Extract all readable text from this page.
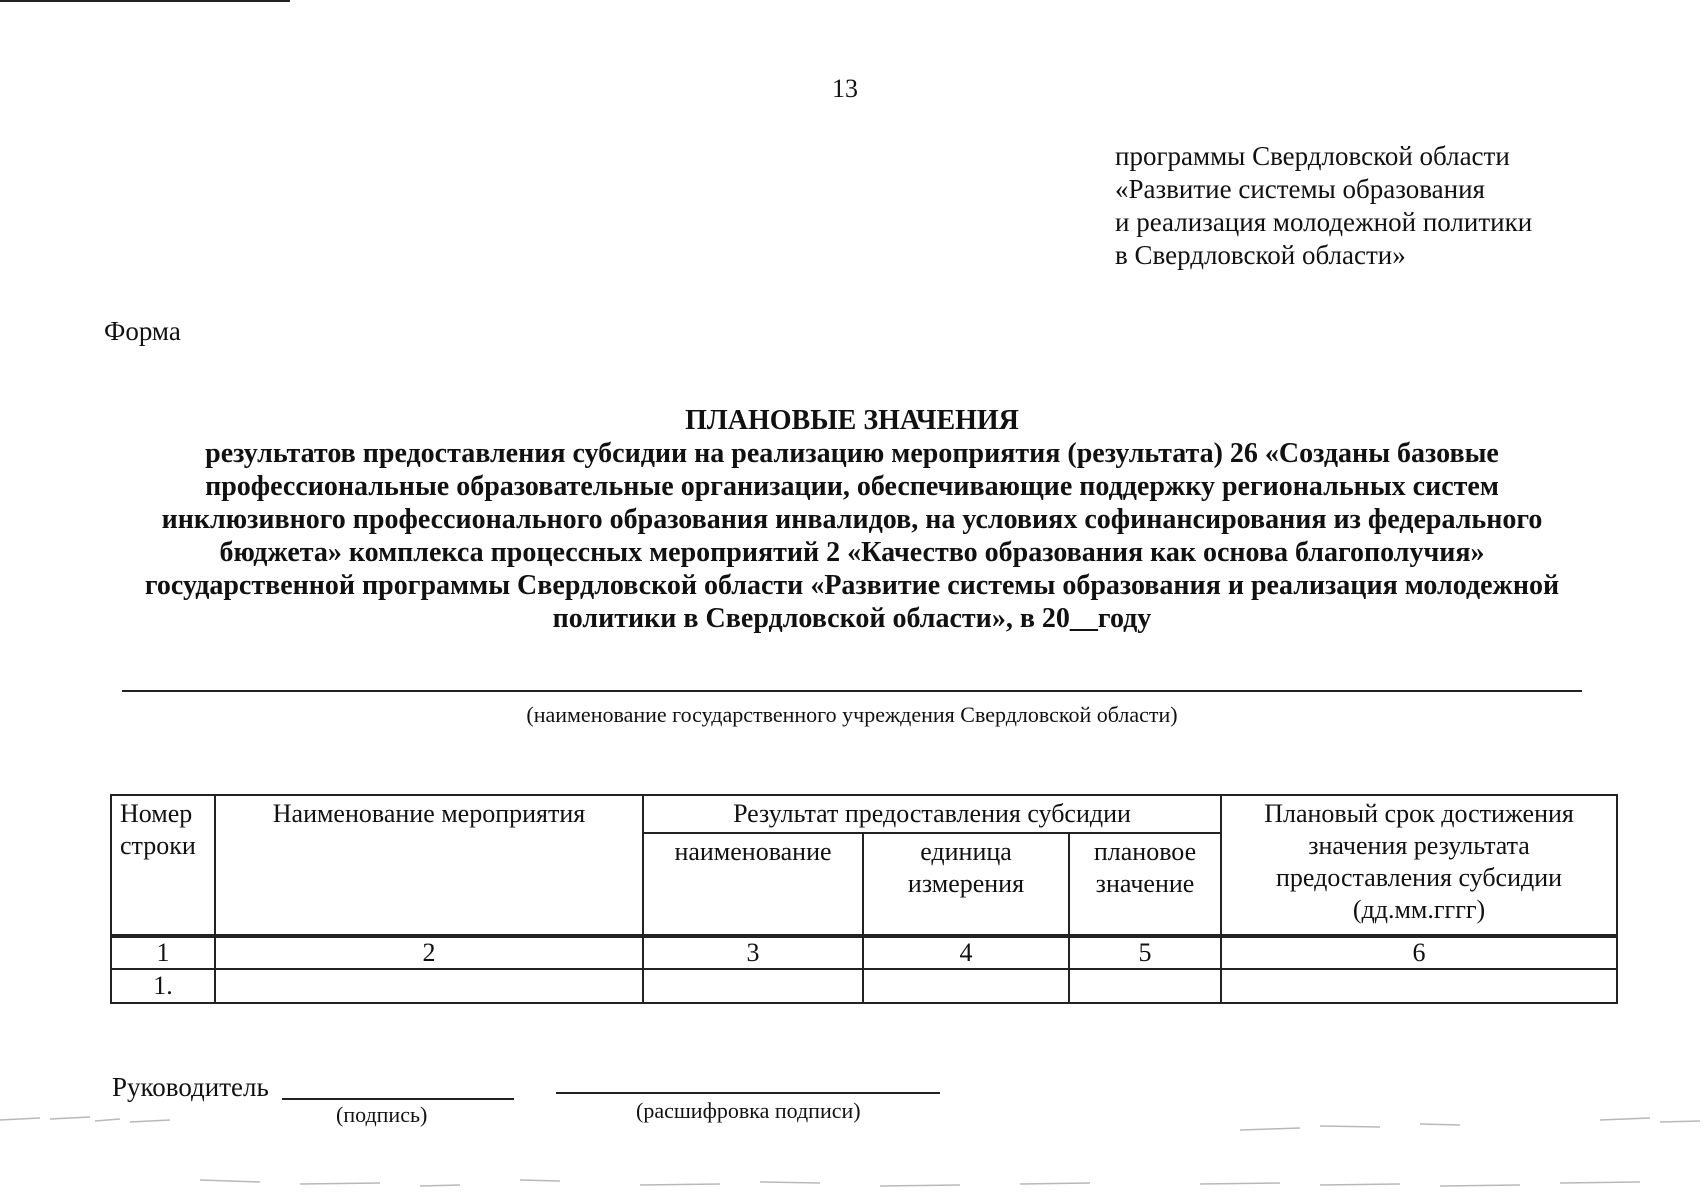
13
программы Свердловской области
«Развитие системы образования
и реализация молодежной политики
в Свердловской области»
Форма
ПЛАНОВЫЕ ЗНАЧЕНИЯ
результатов предоставления субсидии на реализацию мероприятия (результата) 26 «Созданы базовые
профессиональные образовательные организации, обеспечивающие поддержку региональных систем
инклюзивного профессионального образования инвалидов, на условиях софинансирования из федерального
бюджета» комплекса процессных мероприятий 2 «Качество образования как основа благополучия»
государственной программы Свердловской области «Развитие системы образования и реализация молодежной
политики в Свердловской области», в 20__году
(наименование государственного учреждения Свердловской области)
Номер строки	Наименование мероприятия	Результат предоставления субсидии			Плановый срок достижения значения результата предоставления субсидии (дд.мм.гггг)
		наименование	единица измерения	плановое значение	
1	2	3	4	5	6
1.					
Руководитель
(подпись)	(расшифровка подписи)
